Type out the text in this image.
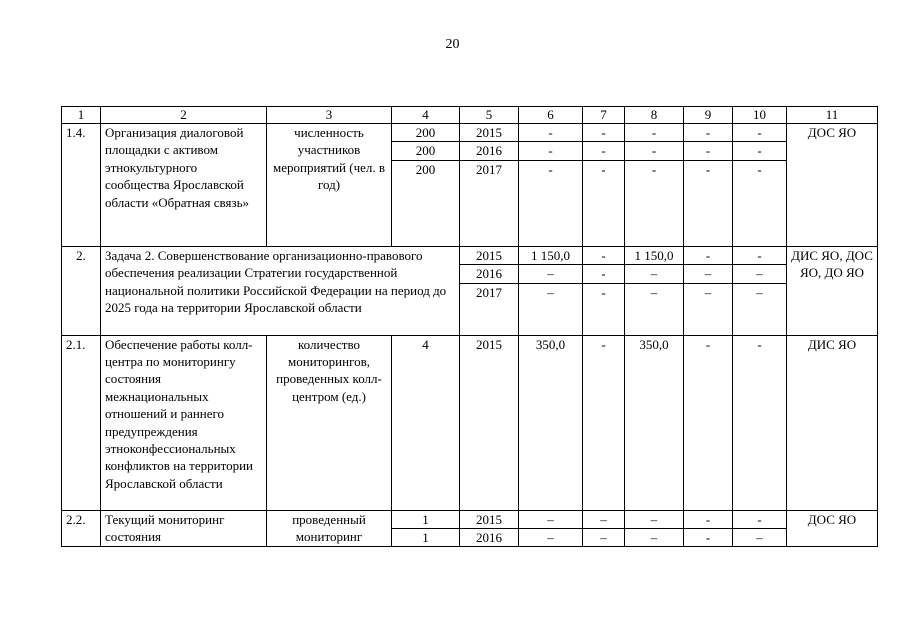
20
1	2	3	4	5	6	7	8	9	10	11
1.4.	Организация диалоговой площадки с активом этнокультурного сообщества Ярославской области «Обратная связь»	численность участников мероприятий (чел. в год)	200	2015	-	-	-	-	-	ДОС ЯО
			200	2016	-	-	-	-	-	
			200	2017	-	-	-	-	-	
2.	Задача 2. Совершенствование организационно-правового обеспечения реализации Стратегии государственной национальной политики Российской Федерации на период до 2025 года на территории Ярославской области			2015	1 150,0	-	1 150,0	-	-	ДИС ЯО, ДОС ЯО, ДО ЯО
				2016	–	-	–	–	–	
				2017	–	-	–	–	–	
2.1.	Обеспечение работы колл-центра по мониторингу состояния межнациональных отношений и раннего предупреждения этноконфессиональных конфликтов на территории Ярославской области	количество мониторингов, проведенных колл-центром (ед.)	4	2015	350,0	-	350,0	-	-	ДИС ЯО
2.2.	Текущий мониторинг состояния	проведенный мониторинг	1	2015	–	–	–	-	-	ДОС ЯО
			1	2016	–	–	–	-	–	
